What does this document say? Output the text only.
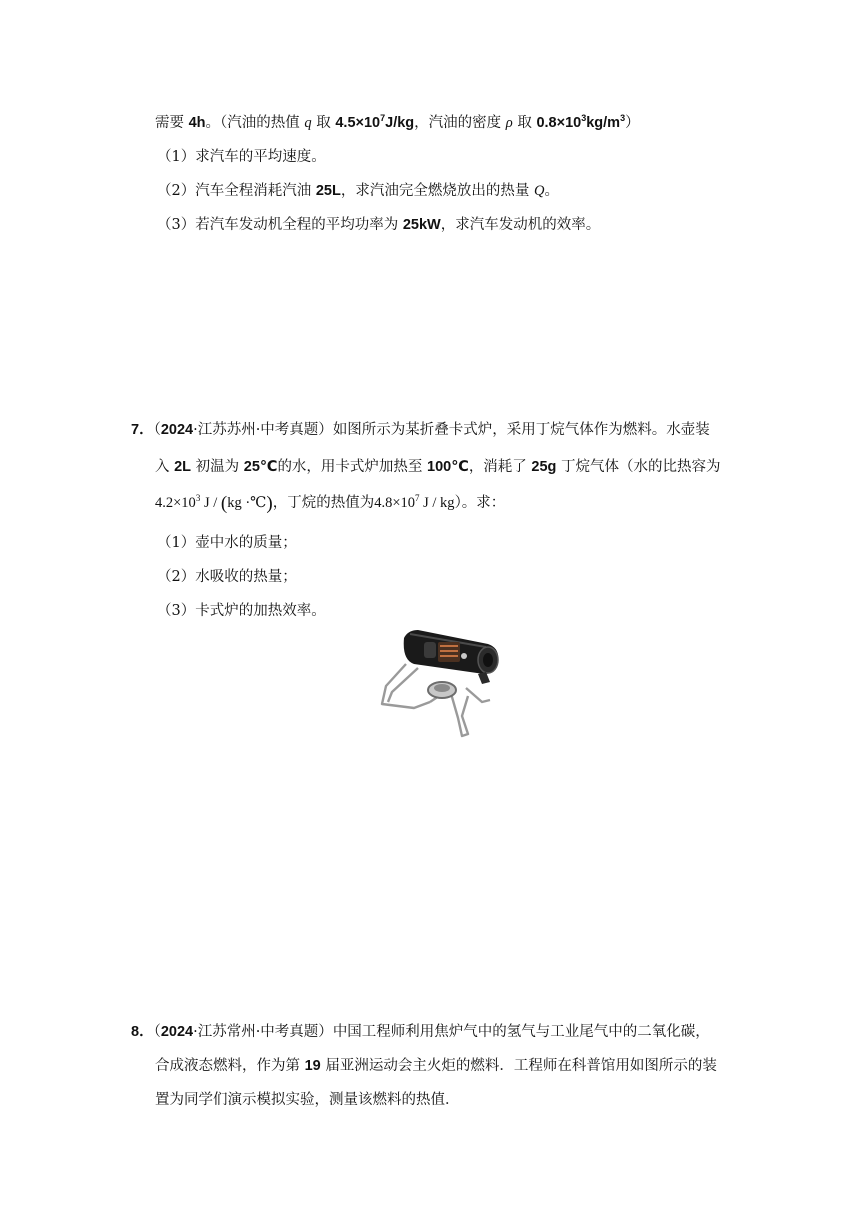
需要 4h。（汽油的热值 q 取 $4.5\times 10^7J/kg$，汽油的密度 ρ 取 $0.8\times 10^3kg/m^3$）
（1）求汽车的平均速度。
（2）汽车全程消耗汽油 25L，求汽油完全燃烧放出的热量 Q。
（3）若汽车发动机全程的平均功率为 25kW，求汽车发动机的效率。
7．（2024·江苏苏州·中考真题）如图所示为某折叠卡式炉，采用丁烷气体作为燃料。水壶装
入 2L 初温为 25℃的水，用卡式炉加热至 100℃，消耗了 25g 丁烷气体（水的比热容为
$4.2\times 10^3$ J / (kg ·℃)，丁烷的热值为$4.8\times 10^7$ J / kg）。求：
（1）壶中水的质量；
（2）水吸收的热量；
（3）卡式炉的加热效率。
8．（2024·江苏常州·中考真题）中国工程师利用焦炉气中的氢气与工业尾气中的二氧化碳，
合成液态燃料，作为第 19 届亚洲运动会主火炬的燃料．工程师在科普馆用如图所示的装
置为同学们演示模拟实验，测量该燃料的热值．
